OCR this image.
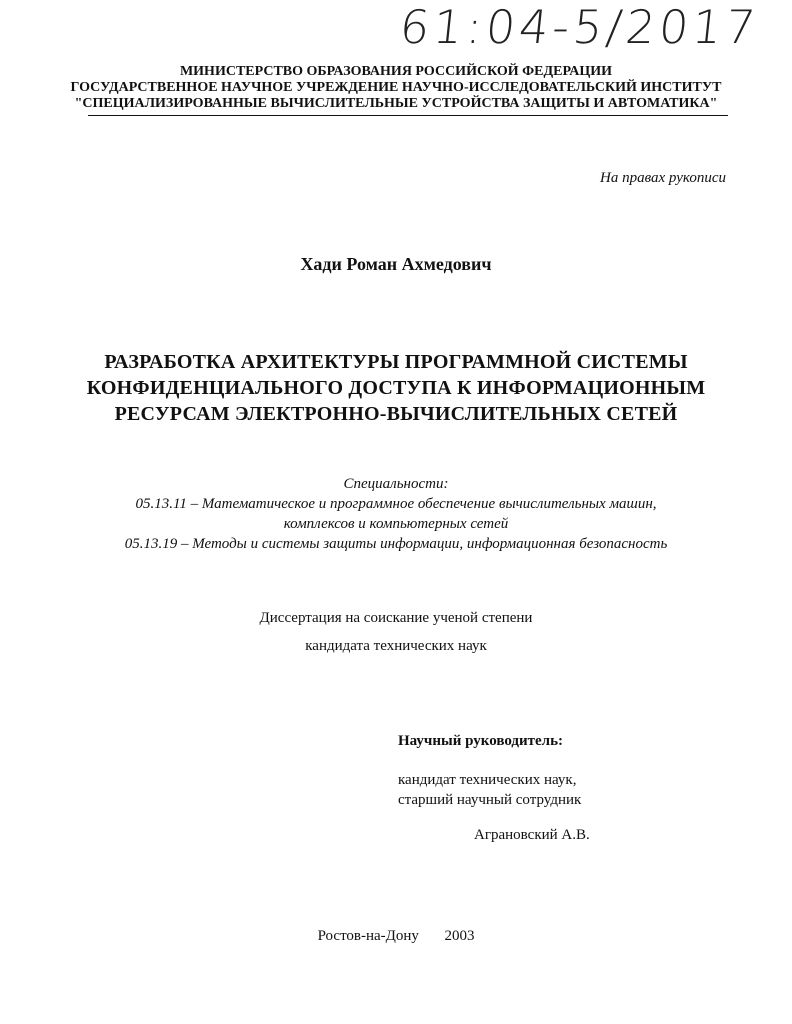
61:04-5/2017
МИНИСТЕРСТВО ОБРАЗОВАНИЯ РОССИЙСКОЙ ФЕДЕРАЦИИ
ГОСУДАРСТВЕННОЕ НАУЧНОЕ УЧРЕЖДЕНИЕ НАУЧНО-ИССЛЕДОВАТЕЛЬСКИЙ ИНСТИТУТ
"СПЕЦИАЛИЗИРОВАННЫЕ ВЫЧИСЛИТЕЛЬНЫЕ УСТРОЙСТВА ЗАЩИТЫ И АВТОМАТИКА"
На правах рукописи
Хади Роман Ахмедович
РАЗРАБОТКА АРХИТЕКТУРЫ ПРОГРАММНОЙ СИСТЕМЫ
КОНФИДЕНЦИАЛЬНОГО ДОСТУПА К ИНФОРМАЦИОННЫМ
РЕСУРСАМ ЭЛЕКТРОННО-ВЫЧИСЛИТЕЛЬНЫХ СЕТЕЙ
Специальности:
05.13.11 – Математическое и программное обеспечение вычислительных машин,
комплексов и компьютерных сетей
05.13.19 – Методы и системы защиты информации, информационная безопасность
Диссертация на соискание ученой степени
кандидата технических наук
Научный руководитель:
кандидат технических наук,
старший научный сотрудник
Аграновский А.В.
Ростов-на-Дону 2003
